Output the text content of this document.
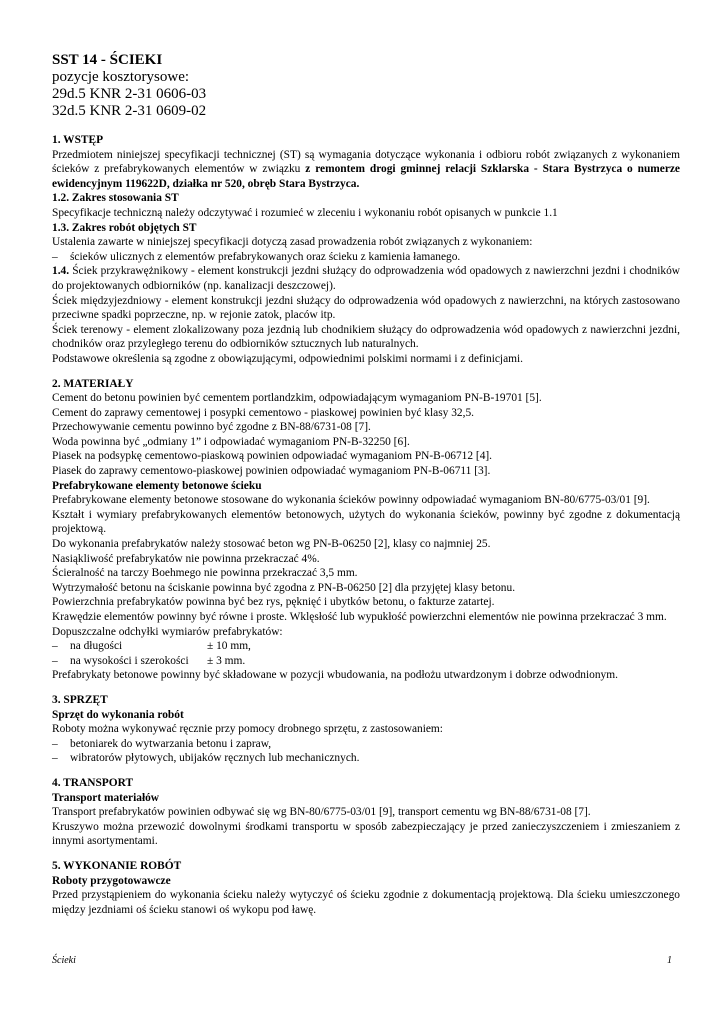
SST 14 - ŚCIEKI
pozycje kosztorysowe:
29d.5 KNR 2-31 0606-03
32d.5 KNR 2-31 0609-02
1. WSTĘP

Przedmiotem niniejszej specyfikacji technicznej (ST) są wymagania dotyczące wykonania i odbioru robót związanych z wykonaniem ścieków z prefabrykowanych elementów w związku z remontem drogi gminnej relacji Szklarska - Stara Bystrzyca o numerze ewidencyjnym 119622D, działka nr 520, obręb Stara Bystrzyca.

1.2. Zakres stosowania ST

Specyfikacje techniczną należy odczytywać i rozumieć w zleceniu i wykonaniu robót opisanych w punkcie 1.1

1.3. Zakres robót objętych ST

Ustalenia zawarte w niniejszej specyfikacji dotyczą zasad prowadzenia robót związanych z wykonaniem:

–	ścieków ulicznych z elementów prefabrykowanych oraz ścieku z kamienia łamanego.

1.4. Ściek przykrawężnikowy - element konstrukcji jezdni służący do odprowadzenia wód opadowych z nawierzchni jezdni i chodników do projektowanych odbiorników (np. kanalizacji deszczowej).

Ściek międzyjezdniowy - element konstrukcji jezdni służący do odprowadzenia wód opadowych z nawierzchni, na których zastosowano przeciwne spadki poprzeczne, np. w rejonie zatok, placów itp.

Ściek terenowy - element zlokalizowany poza jezdnią lub chodnikiem służący do odprowadzenia wód opadowych z nawierzchni jezdni, chodników oraz przyległego terenu do odbiorników sztucznych lub naturalnych.

Podstawowe określenia są zgodne z obowiązującymi, odpowiednimi polskimi normami i z definicjami.

2. MATERIAŁY

Cement do betonu powinien być cementem portlandzkim, odpowiadającym wymaganiom PN-B-19701 [5].

Cement do zaprawy cementowej i posypki cementowo - piaskowej powinien być klasy 32,5.

Przechowywanie cementu powinno być zgodne z BN-88/6731-08 [7].

Woda powinna być „odmiany 1” i odpowiadać wymaganiom PN-B-32250 [6].

Piasek na podsypkę cementowo-piaskową powinien odpowiadać wymaganiom PN-B-06712 [4].

Piasek do zaprawy cementowo-piaskowej powinien odpowiadać wymaganiom PN-B-06711 [3].

Prefabrykowane elementy betonowe ścieku

Prefabrykowane elementy betonowe stosowane do wykonania ścieków powinny odpowiadać wymaganiom BN-80/6775-03/01 [9].

Kształt i wymiary prefabrykowanych elementów betonowych, użytych do wykonania ścieków, powinny być zgodne z dokumentacją projektową.

Do wykonania prefabrykatów należy stosować beton wg PN-B-06250 [2], klasy co najmniej 25.

Nasiąkliwość prefabrykatów nie powinna przekraczać 4%.

Ścieralność na tarczy Boehmego nie powinna przekraczać 3,5 mm.

Wytrzymałość betonu na ściskanie powinna być zgodna z PN-B-06250 [2] dla przyjętej klasy betonu.

Powierzchnia prefabrykatów powinna być bez rys, pęknięć i ubytków betonu, o fakturze zatartej.

Krawędzie elementów powinny być równe i proste. Wklęsłość lub wypukłość powierzchni elementów nie powinna przekraczać 3 mm.

Dopuszczalne odchyłki wymiarów prefabrykatów:

–	na długości	± 10 mm,
–	na wysokości i szerokości	± 3 mm.

Prefabrykaty betonowe powinny być składowane w pozycji wbudowania, na podłożu utwardzonym i dobrze odwodnionym.

3. SPRZĘT
Sprzęt do wykonania robót

Roboty można wykonywać ręcznie przy pomocy drobnego sprzętu, z zastosowaniem:

–	betoniarek do wytwarzania betonu i zapraw,
–	wibratorów płytowych, ubijaków ręcznych lub mechanicznych.
4. TRANSPORT
Transport materiałów

Transport prefabrykatów powinien odbywać się wg BN-80/6775-03/01 [9], transport cementu wg BN-88/6731-08 [7].

Kruszywo można przewozić dowolnymi środkami transportu w sposób zabezpieczający je przed zanieczyszczeniem i zmieszaniem z innymi asortymentami.

5. WYKONANIE ROBÓT
Roboty przygotowawcze

Przed przystąpieniem do wykonania ścieku należy wytyczyć oś ścieku zgodnie z dokumentacją projektową. Dla ścieku umieszczonego między jezdniami oś ścieku stanowi oś wykopu pod ławę.

Ścieki	1
